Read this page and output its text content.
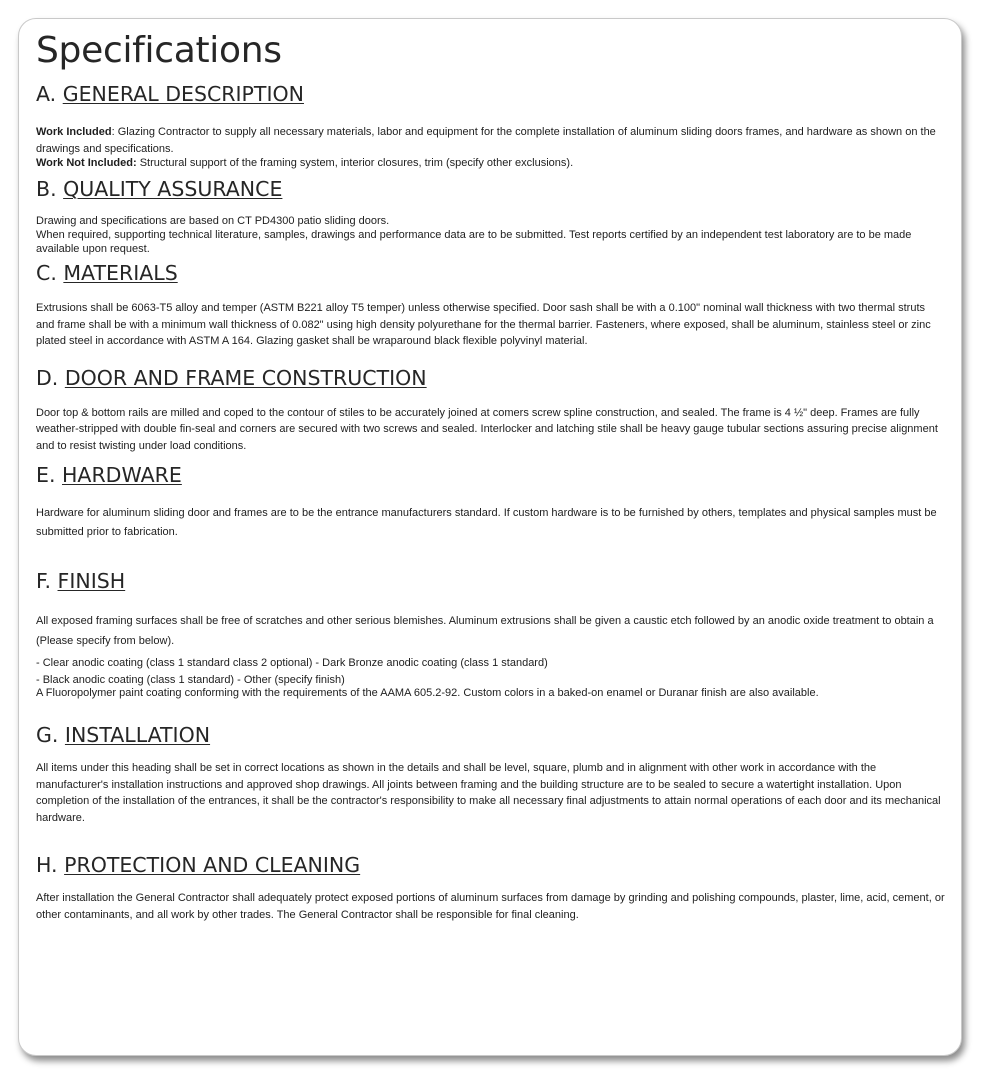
Specifications
A. GENERAL DESCRIPTION

Work Included: Glazing Contractor to supply all necessary materials, labor and equipment for the complete installation of aluminum sliding doors frames, and hardware as shown on the drawings and specifications.

Work Not Included: Structural support of the framing system, interior closures, trim (specify other exclusions).

B. QUALITY ASSURANCE

Drawing and specifications are based on CT PD4300 patio sliding doors.

When required, supporting technical literature, samples, drawings and performance data are to be submitted. Test reports certified by an independent test laboratory are to be made available upon request.

C. MATERIALS

Extrusions shall be 6063-T5 alloy and temper (ASTM B221 alloy T5 temper) unless otherwise specified. Door sash shall be with a 0.100" nominal wall thickness with two thermal struts and frame shall be with a minimum wall thickness of 0.082" using high density polyurethane for the thermal barrier. Fasteners, where exposed, shall be aluminum, stainless steel or zinc plated steel in accordance with ASTM A 164. Glazing gasket shall be wraparound black flexible polyvinyl material.

D. DOOR AND FRAME CONSTRUCTION

Door top & bottom rails are milled and coped to the contour of stiles to be accurately joined at comers screw spline construction, and sealed. The frame is 4 ½" deep. Frames are fully weather-stripped with double fin-seal and corners are secured with two screws and sealed. Interlocker and latching stile shall be heavy gauge tubular sections assuring precise alignment and to resist twisting under load conditions.

E. HARDWARE

Hardware for aluminum sliding door and frames are to be the entrance manufacturers standard. If custom hardware is to be furnished by others, templates and physical samples must be submitted prior to fabrication.

F. FINISH

All exposed framing surfaces shall be free of scratches and other serious blemishes. Aluminum extrusions shall be given a caustic etch followed by an anodic oxide treatment to obtain a (Please specify from below).

- Clear anodic coating (class 1 standard class 2 optional) - Dark Bronze anodic coating (class 1 standard)

- Black anodic coating (class 1 standard) - Other (specify finish)

A Fluoropolymer paint coating conforming with the requirements of the AAMA 605.2-92. Custom colors in a baked-on enamel or Duranar finish are also available.

G. INSTALLATION

All items under this heading shall be set in correct locations as shown in the details and shall be level, square, plumb and in alignment with other work in accordance with the manufacturer's installation instructions and approved shop drawings. All joints between framing and the building structure are to be sealed to secure a watertight installation. Upon completion of the installation of the entrances, it shall be the contractor's responsibility to make all necessary final adjustments to attain normal operations of each door and its mechanical hardware.

H. PROTECTION AND CLEANING

After installation the General Contractor shall adequately protect exposed portions of aluminum surfaces from damage by grinding and polishing compounds, plaster, lime, acid, cement, or other contaminants, and all work by other trades. The General Contractor shall be responsible for final cleaning.
